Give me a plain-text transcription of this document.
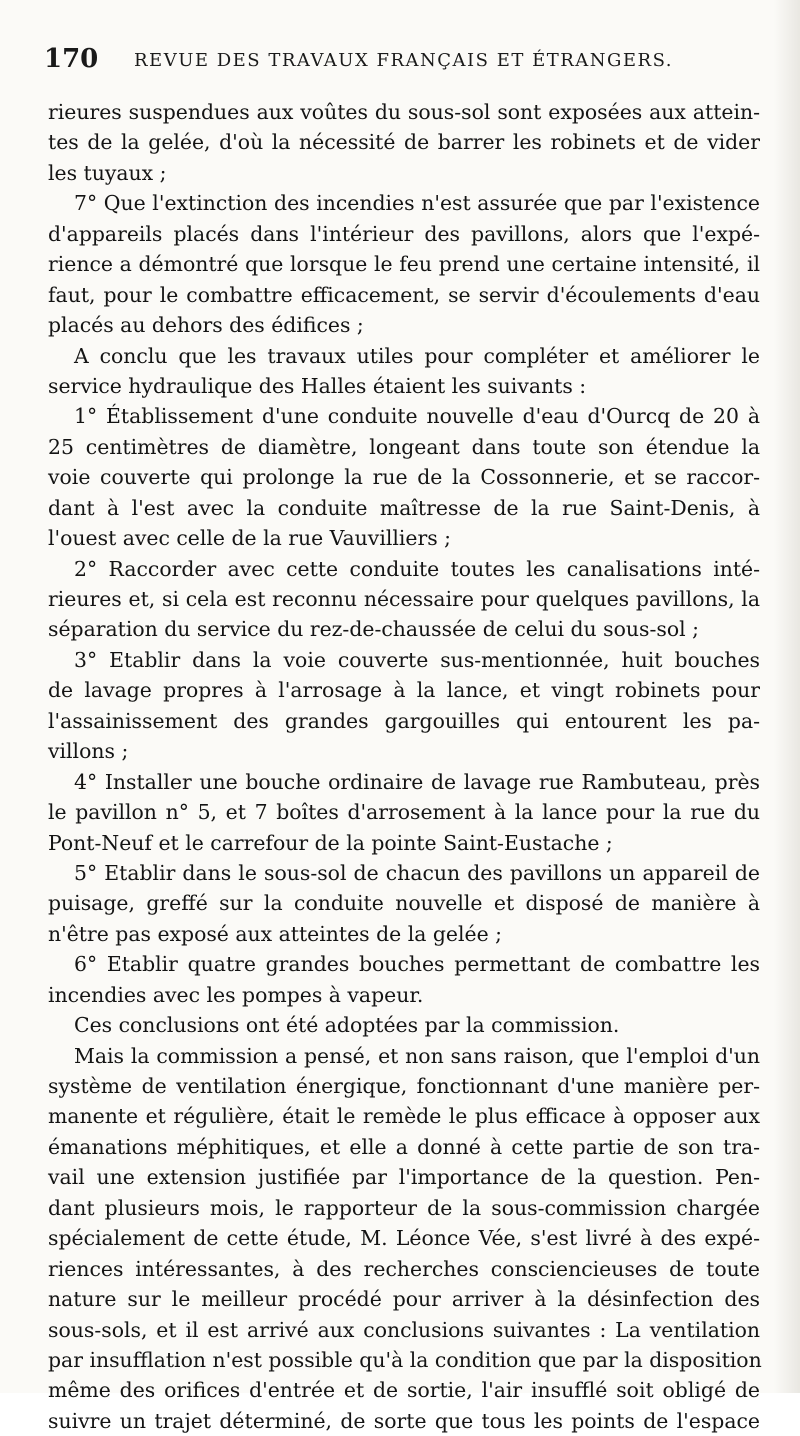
170 REVUE DES TRAVAUX FRANÇAIS ET ÉTRANGERS.
rieures suspendues aux voûtes du sous-sol sont exposées aux attein-
tes de la gelée, d'où la nécessité de barrer les robinets et de vider
les tuyaux ;
7° Que l'extinction des incendies n'est assurée que par l'existence
d'appareils placés dans l'intérieur des pavillons, alors que l'expé-
rience a démontré que lorsque le feu prend une certaine intensité, il
faut, pour le combattre efficacement, se servir d'écoulements d'eau
placés au dehors des édifices ;
A conclu que les travaux utiles pour compléter et améliorer le
service hydraulique des Halles étaient les suivants :
1° Établissement d'une conduite nouvelle d'eau d'Ourcq de 20 à
25 centimètres de diamètre, longeant dans toute son étendue la
voie couverte qui prolonge la rue de la Cossonnerie, et se raccor-
dant à l'est avec la conduite maîtresse de la rue Saint-Denis, à
l'ouest avec celle de la rue Vauvilliers ;
2° Raccorder avec cette conduite toutes les canalisations inté-
rieures et, si cela est reconnu nécessaire pour quelques pavillons, la
séparation du service du rez-de-chaussée de celui du sous-sol ;
3° Etablir dans la voie couverte sus-mentionnée, huit bouches
de lavage propres à l'arrosage à la lance, et vingt robinets pour
l'assainissement des grandes gargouilles qui entourent les pa-
villons ;
4° Installer une bouche ordinaire de lavage rue Rambuteau, près
le pavillon n° 5, et 7 boîtes d'arrosement à la lance pour la rue du
Pont-Neuf et le carrefour de la pointe Saint-Eustache ;
5° Etablir dans le sous-sol de chacun des pavillons un appareil de
puisage, greffé sur la conduite nouvelle et disposé de manière à
n'être pas exposé aux atteintes de la gelée ;
6° Etablir quatre grandes bouches permettant de combattre les
incendies avec les pompes à vapeur.
Ces conclusions ont été adoptées par la commission.
Mais la commission a pensé, et non sans raison, que l'emploi d'un
système de ventilation énergique, fonctionnant d'une manière per-
manente et régulière, était le remède le plus efficace à opposer aux
émanations méphitiques, et elle a donné à cette partie de son tra-
vail une extension justifiée par l'importance de la question. Pen-
dant plusieurs mois, le rapporteur de la sous-commission chargée
spécialement de cette étude, M. Léonce Vée, s'est livré à des expé-
riences intéressantes, à des recherches consciencieuses de toute
nature sur le meilleur procédé pour arriver à la désinfection des
sous-sols, et il est arrivé aux conclusions suivantes : La ventilation
par insufflation n'est possible qu'à la condition que par la disposition
même des orifices d'entrée et de sortie, l'air insufflé soit obligé de
suivre un trajet déterminé, de sorte que tous les points de l'espace
